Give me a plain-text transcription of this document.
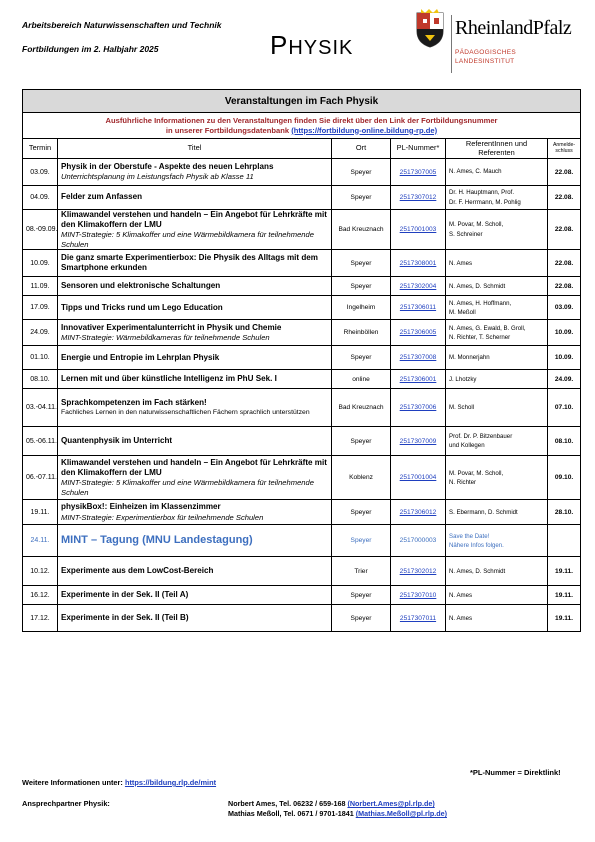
Arbeitsbereich Naturwissenschaften und Technik
Fortbildungen im 2. Halbjahr 2025	PHYSIK
RheinlandPfalz
PÄDAGOGISCHES
LANDESINSTITUT
Veranstaltungen im Fach Physik					
Ausführliche Informationen zu den Veranstaltungen finden Sie direkt über den Link der Fortbildungsnummer
in unserer Fortbildungsdatenbank (https://fortbildung-online.bildung-rp.de)					
Termin	Titel	Ort	PL-Nummer*	ReferentInnen und Referenten	Anmelde-schluss
03.09.	Physik in der Oberstufe - Aspekte des neuen Lehrplans
Unterrichtsplanung im Leistungsfach Physik ab Klasse 11	Speyer	2517307005	N. Ames, C. Mauch	22.08.
04.09.	Felder zum Anfassen	Speyer	2517307012	Dr. H. Hauptmann, Prof.
Dr. F. Herrmann, M. Pohlig	22.08.
08.-09.09.	Klimawandel verstehen und handeln – Ein Angebot für Lehrkräfte mit den Klimakoffern der LMU
MINT-Strategie: 5 Klimakoffer und eine Wärmebildkamera für teilnehmende Schulen	Bad Kreuznach	2517001003	M. Povar, M. Scholl,
S. Schreiner	22.08.
10.09.	Die ganz smarte Experimentierbox: Die Physik des Alltags mit dem Smartphone erkunden	Speyer	2517308001	N. Ames	22.08.
11.09.	Sensoren und elektronische Schaltungen	Speyer	2517302004	N. Ames, D. Schmidt	22.08.
17.09.	Tipps und Tricks rund um Lego Education	Ingelheim	2517306011	N. Ames, H. Hoffmann,
M. Meßoll	03.09.
24.09.	Innovativer Experimentalunterricht in Physik und Chemie
MINT-Strategie: Wärmebildkameras für teilnehmende Schulen	Rheinböllen	2517306005	N. Ames, G. Ewald, B. Groll,
N. Richter, T. Scherner	10.09.
01.10.	Energie und Entropie im Lehrplan Physik	Speyer	2517307008	M. Monnerjahn	10.09.
08.10.	Lernen mit und über künstliche Intelligenz im PhU Sek. I	online	2517306001	J. Lhotzky	24.09.
03.-04.11.	Sprachkompetenzen im Fach stärken!
Fachliches Lernen in den naturwissenschaftlichen Fächern sprachlich unterstützen	Bad Kreuznach	2517307006	M. Scholl	07.10.
05.-06.11.	Quantenphysik im Unterricht	Speyer	2517307009	Prof. Dr. P. Bitzenbauer
und Kollegen	08.10.
06.-07.11.	Klimawandel verstehen und handeln – Ein Angebot für Lehrkräfte mit den Klimakoffern der LMU
MINT-Strategie: 5 Klimakoffer und eine Wärmebildkamera für teilnehmende Schulen	Koblenz	2517001004	M. Povar, M. Scholl,
N. Richter	09.10.
19.11.	physikBox!: Einheizen im Klassenzimmer
MINT-Strategie: Experimentierbox für teilnehmende Schulen	Speyer	2517306012	S. Ebermann, D. Schmidt	28.10.
24.11.	MINT – Tagung (MNU Landestagung)	Speyer	2517000003	Save the Date!
Nähere Infos folgen.	
10.12.	Experimente aus dem LowCost-Bereich	Trier	2517302012	N. Ames, D. Schmidt	19.11.
16.12.	Experimente in der Sek. II (Teil A)	Speyer	2517307010	N. Ames	19.11.
17.12.	Experimente in der Sek. II (Teil B)	Speyer	2517307011	N. Ames	19.11.
*PL-Nummer = Direktlink!
Weitere Informationen unter: https://bildung.rlp.de/mint
Ansprechpartner Physik:	Norbert Ames, Tel. 06232 / 659-168 (Norbert.Ames@pl.rlp.de)
Mathias Meßoll, Tel. 0671 / 9701-1841 (Mathias.Meßoll@pl.rlp.de)
